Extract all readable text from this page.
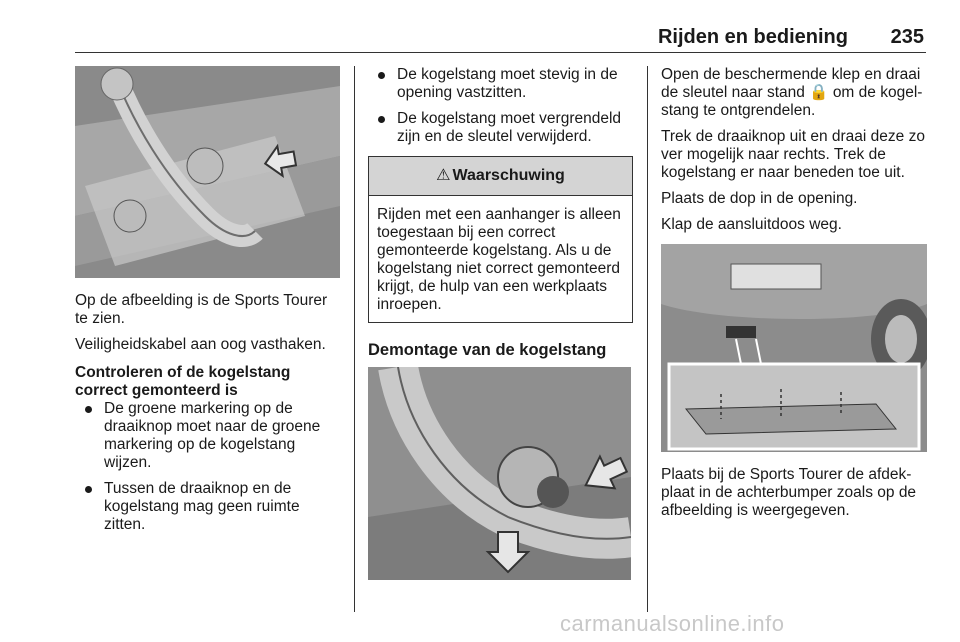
Rijden en bediening 235

Op de afbeelding is de Sports Tourer te zien.

Veiligheidskabel aan oog vasthaken.

Controleren of de kogelstang correct gemonteerd is

De groene markering op de draaiknop moet naar de groene markering op de kogelstang wijzen.
Tussen de draaiknop en de kogelstang mag geen ruimte zitten.
De kogelstang moet stevig in de opening vastzitten.
De kogelstang moet vergrendeld zijn en de sleutel verwijderd.
⚠ Waarschuwing
Rijden met een aanhanger is alleen toegestaan bij een correct gemonteerde kogelstang. Als u de kogelstang niet correct gemonteerd krijgt, de hulp van een werkplaats inroepen.

Demontage van de kogelstang

Open de beschermende klep en draai de sleutel naar stand 🔒 om de kogelstang te ontgrendelen.

Trek de draaiknop uit en draai deze zo ver mogelijk naar rechts. Trek de kogelstang er naar beneden toe uit.

Plaats de dop in de opening.

Klap de aansluitdoos weg.

Plaats bij de Sports Tourer de afdekplaat in de achterbumper zoals op de afbeelding is weergegeven.

carmanualsonline.info
